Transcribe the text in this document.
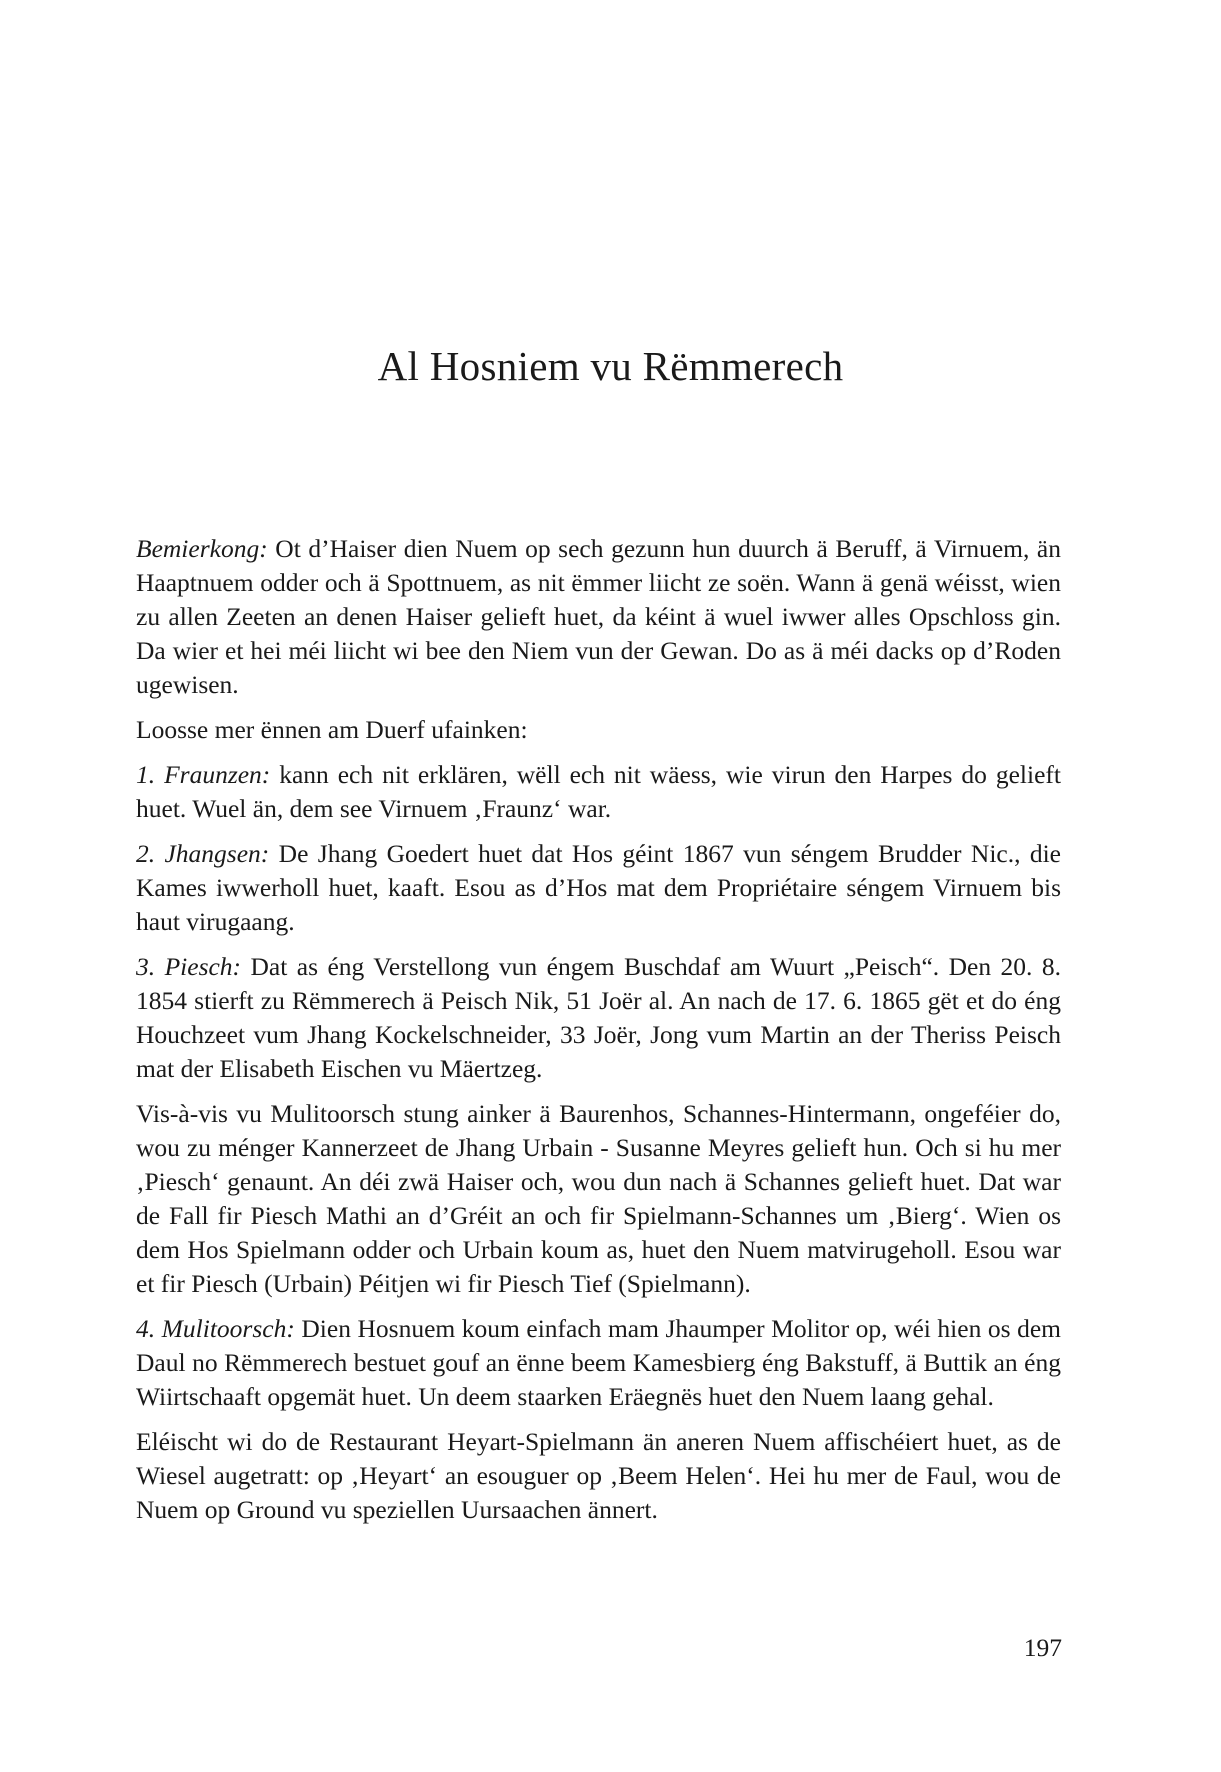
Al Hosniem vu Rëmmerech

Bemierkong: Ot d’Haiser dien Nuem op sech gezunn hun duurch ä Beruff, ä Virnuem, än Haaptnuem odder och ä Spottnuem, as nit ëmmer liicht ze soën. Wann ä genä wéisst, wien zu allen Zeeten an denen Haiser gelieft huet, da kéint ä wuel iwwer alles Opschloss gin. Da wier et hei méi liicht wi bee den Niem vun der Gewan. Do as ä méi dacks op d’Roden ugewisen.

Loosse mer ënnen am Duerf ufainken:

1. Fraunzen: kann ech nit erklären, wëll ech nit wäess, wie virun den Harpes do gelieft huet. Wuel än, dem see Virnuem ‚Fraunz‘ war.

2. Jhangsen: De Jhang Goedert huet dat Hos géint 1867 vun séngem Brudder Nic., die Kames iwwerholl huet, kaaft. Esou as d’Hos mat dem Propriétaire séngem Virnuem bis haut virugaang.

3. Piesch: Dat as éng Verstellong vun éngem Buschdaf am Wuurt „Peisch“. Den 20. 8. 1854 stierft zu Rëmmerech ä Peisch Nik, 51 Joër al. An nach de 17. 6. 1865 gët et do éng Houchzeet vum Jhang Kockelschneider, 33 Joër, Jong vum Martin an der Theriss Peisch mat der Elisabeth Eischen vu Mäertzeg.

Vis-à-vis vu Mulitoorsch stung ainker ä Baurenhos, Schannes-Hintermann, ongeféier do, wou zu ménger Kannerzeet de Jhang Urbain - Susanne Meyres gelieft hun. Och si hu mer ‚Piesch‘ genaunt. An déi zwä Haiser och, wou dun nach ä Schannes gelieft huet. Dat war de Fall fir Piesch Mathi an d’Gréit an och fir Spielmann-Schannes um ‚Bierg‘. Wien os dem Hos Spielmann odder och Urbain koum as, huet den Nuem matvirugeholl. Esou war et fir Piesch (Urbain) Péitjen wi fir Piesch Tief (Spielmann).

4. Mulitoorsch: Dien Hosnuem koum einfach mam Jhaumper Molitor op, wéi hien os dem Daul no Rëmmerech bestuet gouf an ënne beem Kamesbierg éng Bakstuff, ä Buttik an éng Wiirtschaaft opgemät huet. Un deem staarken Eräegnës huet den Nuem laang gehal.

Eléischt wi do de Restaurant Heyart-Spielmann än aneren Nuem affischéiert huet, as de Wiesel augetratt: op ‚Heyart‘ an esouguer op ‚Beem Helen‘. Hei hu mer de Faul, wou de Nuem op Ground vu speziellen Uursaachen ännert.

197
